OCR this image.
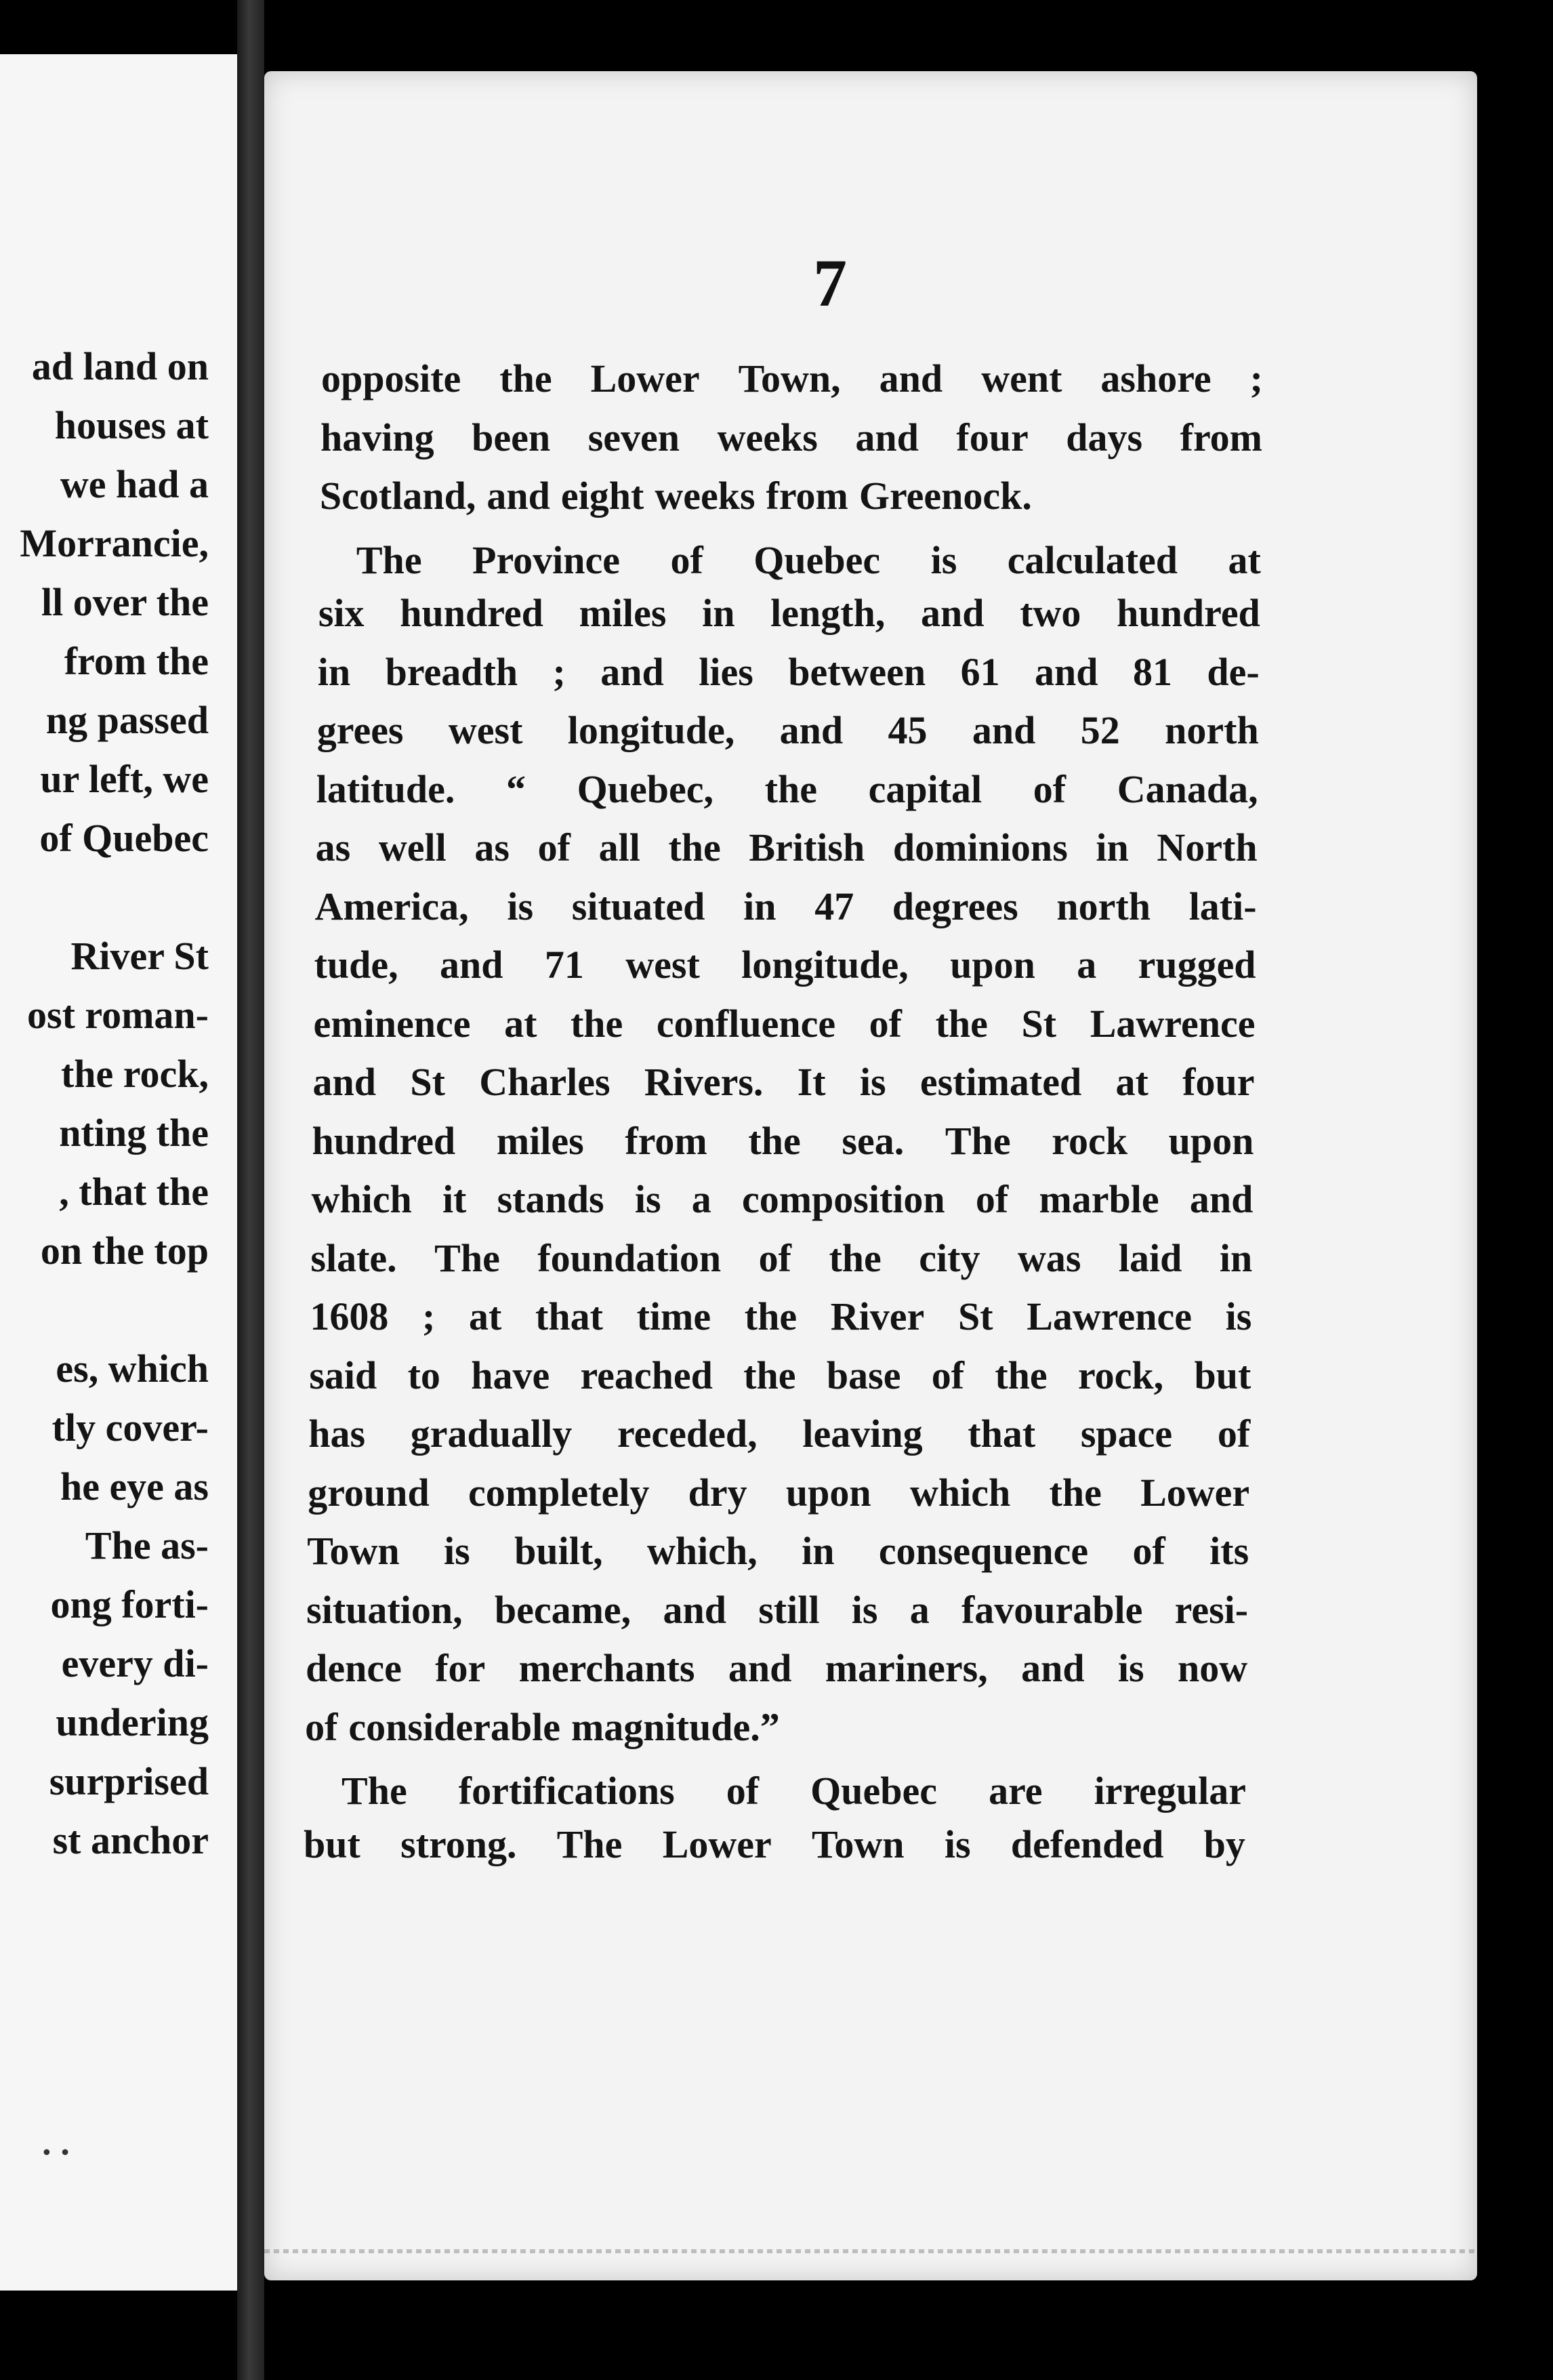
ad land on
houses at
we had a
Morrancie,
ll over the
from the
ng passed
ur left, we
of Quebec
River St
ost roman-
the rock,
nting the
, that the
on the top
es, which
tly cover-
he eye as
The as-
ong forti-
every di-
undering
surprised
st anchor
• •
7
opposite the Lower Town, and went ashore ;
having been seven weeks and four days from
Scotland, and eight weeks from Greenock.
The Province of Quebec is calculated at
six hundred miles in length, and two hundred
in breadth ; and lies between 61 and 81 de-
grees west longitude, and 45 and 52 north
latitude. “ Quebec, the capital of Canada,
as well as of all the British dominions in North
America, is situated in 47 degrees north lati-
tude, and 71 west longitude, upon a rugged
eminence at the confluence of the St Lawrence
and St Charles Rivers. It is estimated at four
hundred miles from the sea. The rock upon
which it stands is a composition of marble and
slate. The foundation of the city was laid in
1608 ; at that time the River St Lawrence is
said to have reached the base of the rock, but
has gradually receded, leaving that space of
ground completely dry upon which the Lower
Town is built, which, in consequence of its
situation, became, and still is a favourable resi-
dence for merchants and mariners, and is now
of considerable magnitude.”
The fortifications of Quebec are irregular
but strong. The Lower Town is defended by
